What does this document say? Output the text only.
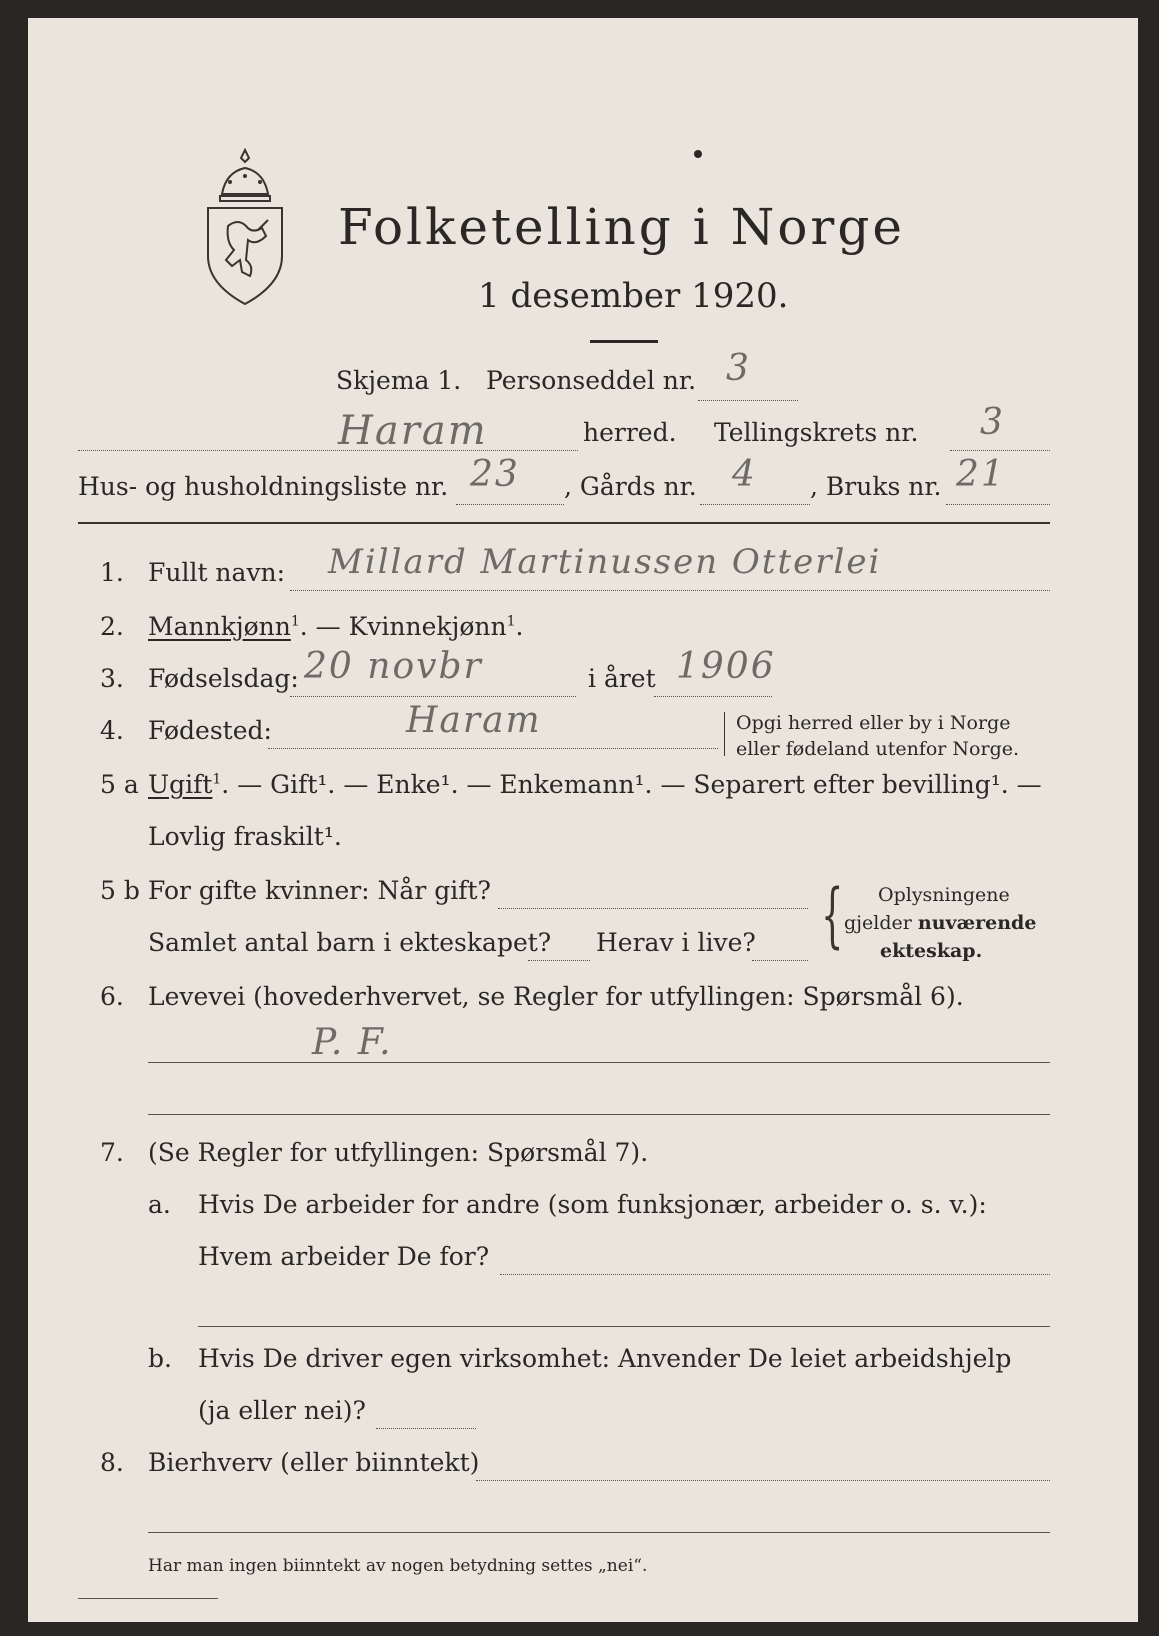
Folketelling i Norge
1 desember 1920.
Skjema 1. Personseddel nr. 3
Haram	herred. Tellingskrets nr. 3
Hus- og husholdningsliste nr. 23 , Gårds nr. 4 , Bruks nr. 21
1. Fullt navn: Millard Martinussen Otterlei
2. Mannkjønn$^1$. — Kvinnekjønn$^1$.
3. Fødselsdag: 20 novbr	i året 1906
4. Fødested:	Haram	Opgi herred eller by i Norge
eller fødeland utenfor Norge.
5 a Ugift$^1$. — Gift¹. — Enke¹. — Enkemann¹. — Separert efter bevilling¹. —
Lovlig fraskilt¹.
5 b For gifte kvinner: Når gift?
Samlet antal barn i ekteskapet? Herav i live? { Oplysningene
gjelder nuværende
ekteskap.
6. Levevei (hovederhvervet, se Regler for utfyllingen: Spørsmål 6).
P. F.
7. (Se Regler for utfyllingen: Spørsmål 7).
a. Hvis De arbeider for andre (som funksjonær, arbeider o. s. v.):
Hvem arbeider De for?
b. Hvis De driver egen virksomhet: Anvender De leiet arbeidshjelp
(ja eller nei)?
8. Bierhverv (eller biinntekt)
Har man ingen biinntekt av nogen betydning settes „nei“.
